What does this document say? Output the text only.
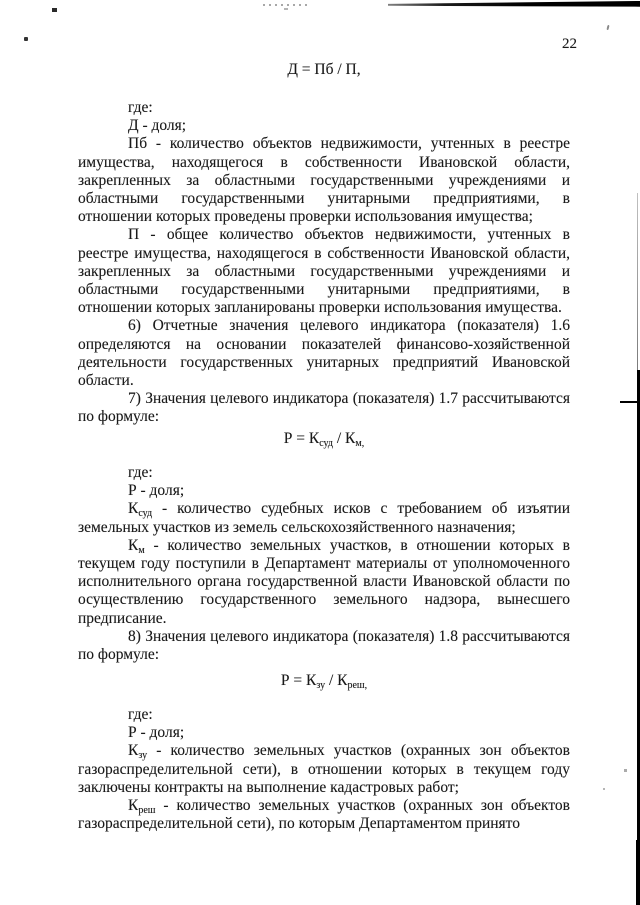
22
Д = Пб / П,

где:

Д - доля;

Пб - количество объектов недвижимости, учтенных в реестре имущества, находящегося в собственности Ивановской области, закрепленных за областными государственными учреждениями и областными государственными унитарными предприятиями, в отношении которых проведены проверки использования имущества;

П - общее количество объектов недвижимости, учтенных в реестре имущества, находящегося в собственности Ивановской области, закрепленных за областными государственными учреждениями и областными государственными унитарными предприятиями, в отношении которых запланированы проверки использования имущества.

6) Отчетные значения целевого индикатора (показателя) 1.6 определяются на основании показателей финансово-хозяйственной деятельности государственных унитарных предприятий Ивановской области.

7) Значения целевого индикатора (показателя) 1.7 рассчитываются по формуле:

$Р = К_{суд} / К_{м,}$

где:

Р - доля;

$К_{суд}$ - количество судебных исков с требованием об изъятии земельных участков из земель сельскохозяйственного назначения;

$К_м$ - количество земельных участков, в отношении которых в текущем году поступили в Департамент материалы от уполномоченного исполнительного органа государственной власти Ивановской области по осуществлению государственного земельного надзора, вынесшего предписание.

8) Значения целевого индикатора (показателя) 1.8 рассчитываются по формуле:

$Р = К_{зу} / К_{реш,}$

где:

Р - доля;

$К_{зу}$ - количество земельных участков (охранных зон объектов газораспределительной сети), в отношении которых в текущем году заключены контракты на выполнение кадастровых работ;

$К_{реш}$ - количество земельных участков (охранных зон объектов газораспределительной сети), по которым Департаментом принято
